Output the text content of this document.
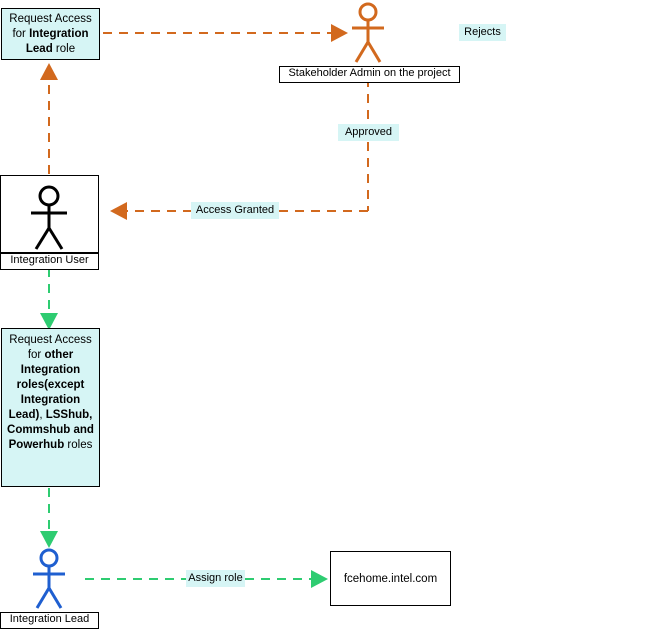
Request Access for Integration Lead role
Stakeholder Admin on the project
Rejects
Approved
Access Granted
Integration User
Request Access for other Integration roles(except Integration Lead), LSShub, Commshub and Powerhub roles
Integration Lead
Assign role	fcehome.intel.com
